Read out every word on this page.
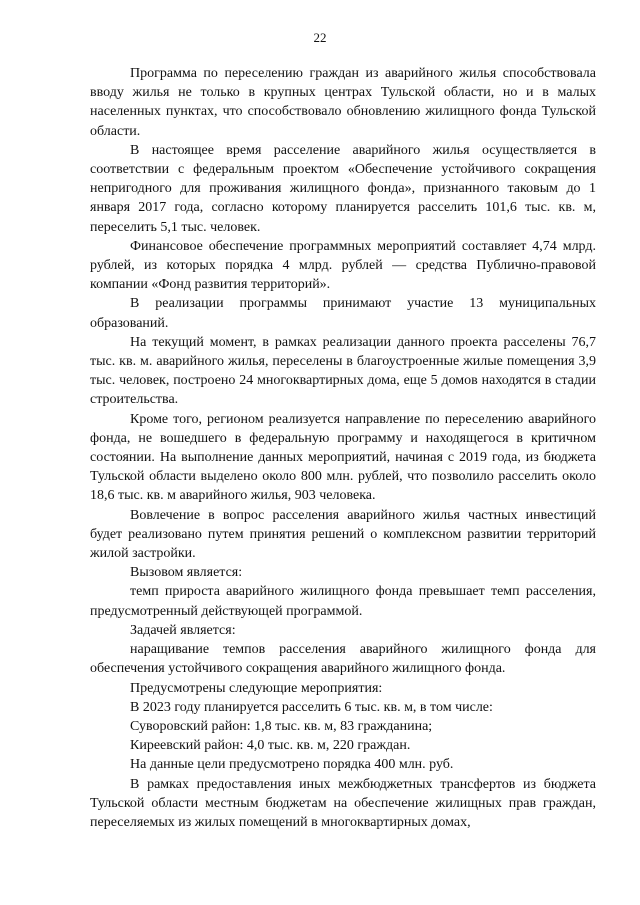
22

Программа по переселению граждан из аварийного жилья способствовала вводу жилья не только в крупных центрах Тульской области, но и в малых населенных пунктах, что способствовало обновлению жилищного фонда Тульской области.

В настоящее время расселение аварийного жилья осуществляется в соответствии с федеральным проектом «Обеспечение устойчивого сокращения непригодного для проживания жилищного фонда», признанного таковым до 1 января 2017 года, согласно которому планируется расселить 101,6 тыс. кв. м, переселить 5,1 тыс. человек.

Финансовое обеспечение программных мероприятий составляет 4,74 млрд. рублей, из которых порядка 4 млрд. рублей — средства Публично-правовой компании «Фонд развития территорий».

В реализации программы принимают участие 13 муниципальных образований.

На текущий момент, в рамках реализации данного проекта расселены 76,7 тыс. кв. м. аварийного жилья, переселены в благоустроенные жилые помещения 3,9 тыс. человек, построено 24 многоквартирных дома, еще 5 домов находятся в стадии строительства.

Кроме того, регионом реализуется направление по переселению аварийного фонда, не вошедшего в федеральную программу и находящегося в критичном состоянии. На выполнение данных мероприятий, начиная с 2019 года, из бюджета Тульской области выделено около 800 млн. рублей, что позволило расселить около 18,6 тыс. кв. м аварийного жилья, 903 человека.

Вовлечение в вопрос расселения аварийного жилья частных инвестиций будет реализовано путем принятия решений о комплексном развитии территорий жилой застройки.

Вызовом является:

темп прироста аварийного жилищного фонда превышает темп расселения, предусмотренный действующей программой.

Задачей является:

наращивание темпов расселения аварийного жилищного фонда для обеспечения устойчивого сокращения аварийного жилищного фонда.

Предусмотрены следующие мероприятия:

В 2023 году планируется расселить 6 тыс. кв. м, в том числе:

Суворовский район: 1,8 тыс. кв. м, 83 гражданина;

Киреевский район: 4,0 тыс. кв. м, 220 граждан.

На данные цели предусмотрено порядка 400 млн. руб.

В рамках предоставления иных межбюджетных трансфертов из бюджета Тульской области местным бюджетам на обеспечение жилищных прав граждан, переселяемых из жилых помещений в многоквартирных домах,
